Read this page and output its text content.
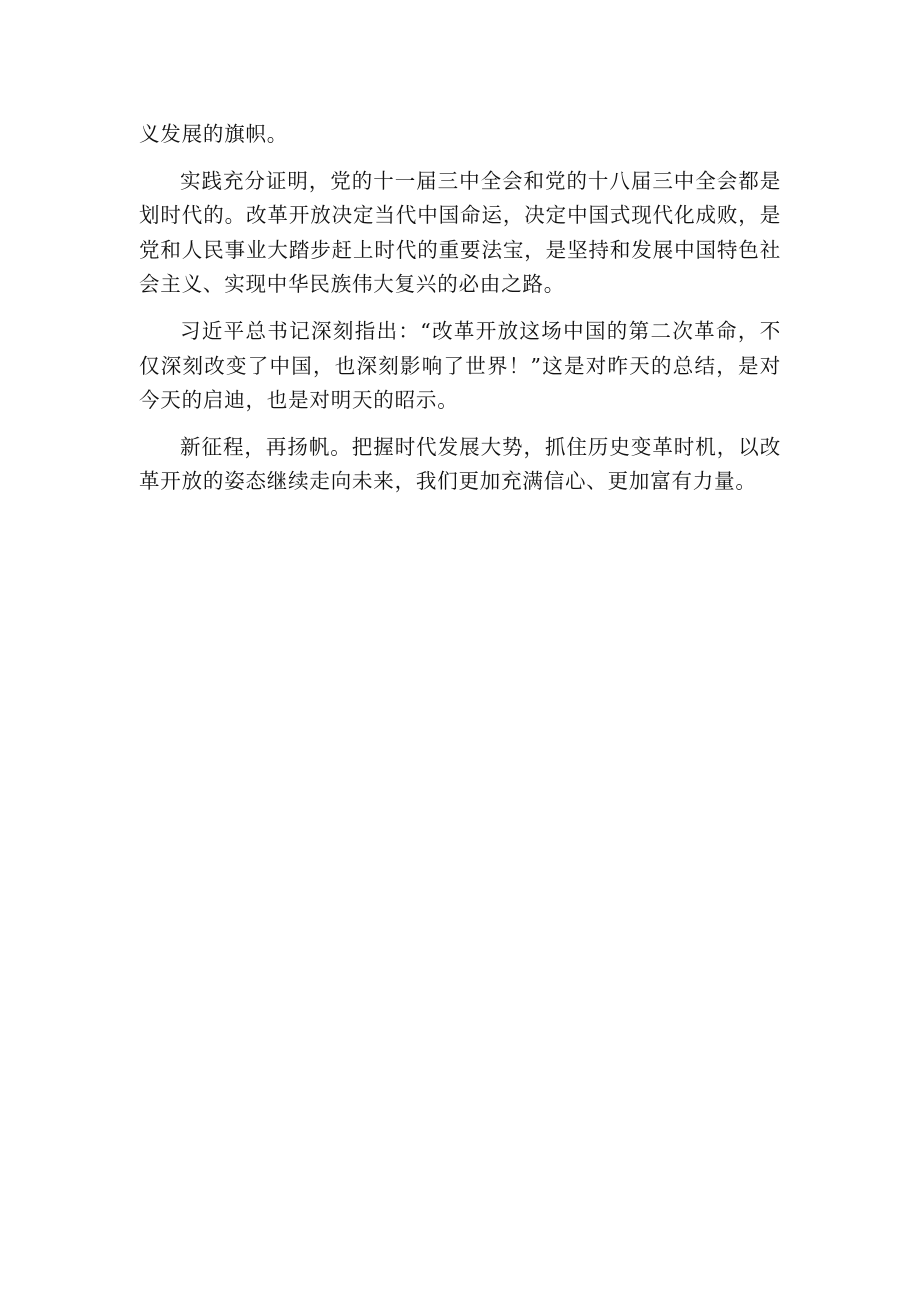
义发展的旗帜。

实践充分证明，党的十一届三中全会和党的十八届三中全会都是划时代的。改革开放决定当代中国命运，决定中国式现代化成败，是党和人民事业大踏步赶上时代的重要法宝，是坚持和发展中国特色社会主义、实现中华民族伟大复兴的必由之路。

习近平总书记深刻指出：“改革开放这场中国的第二次革命，不仅深刻改变了中国，也深刻影响了世界！”这是对昨天的总结，是对今天的启迪，也是对明天的昭示。

新征程，再扬帆。把握时代发展大势，抓住历史变革时机，以改革开放的姿态继续走向未来，我们更加充满信心、更加富有力量。
